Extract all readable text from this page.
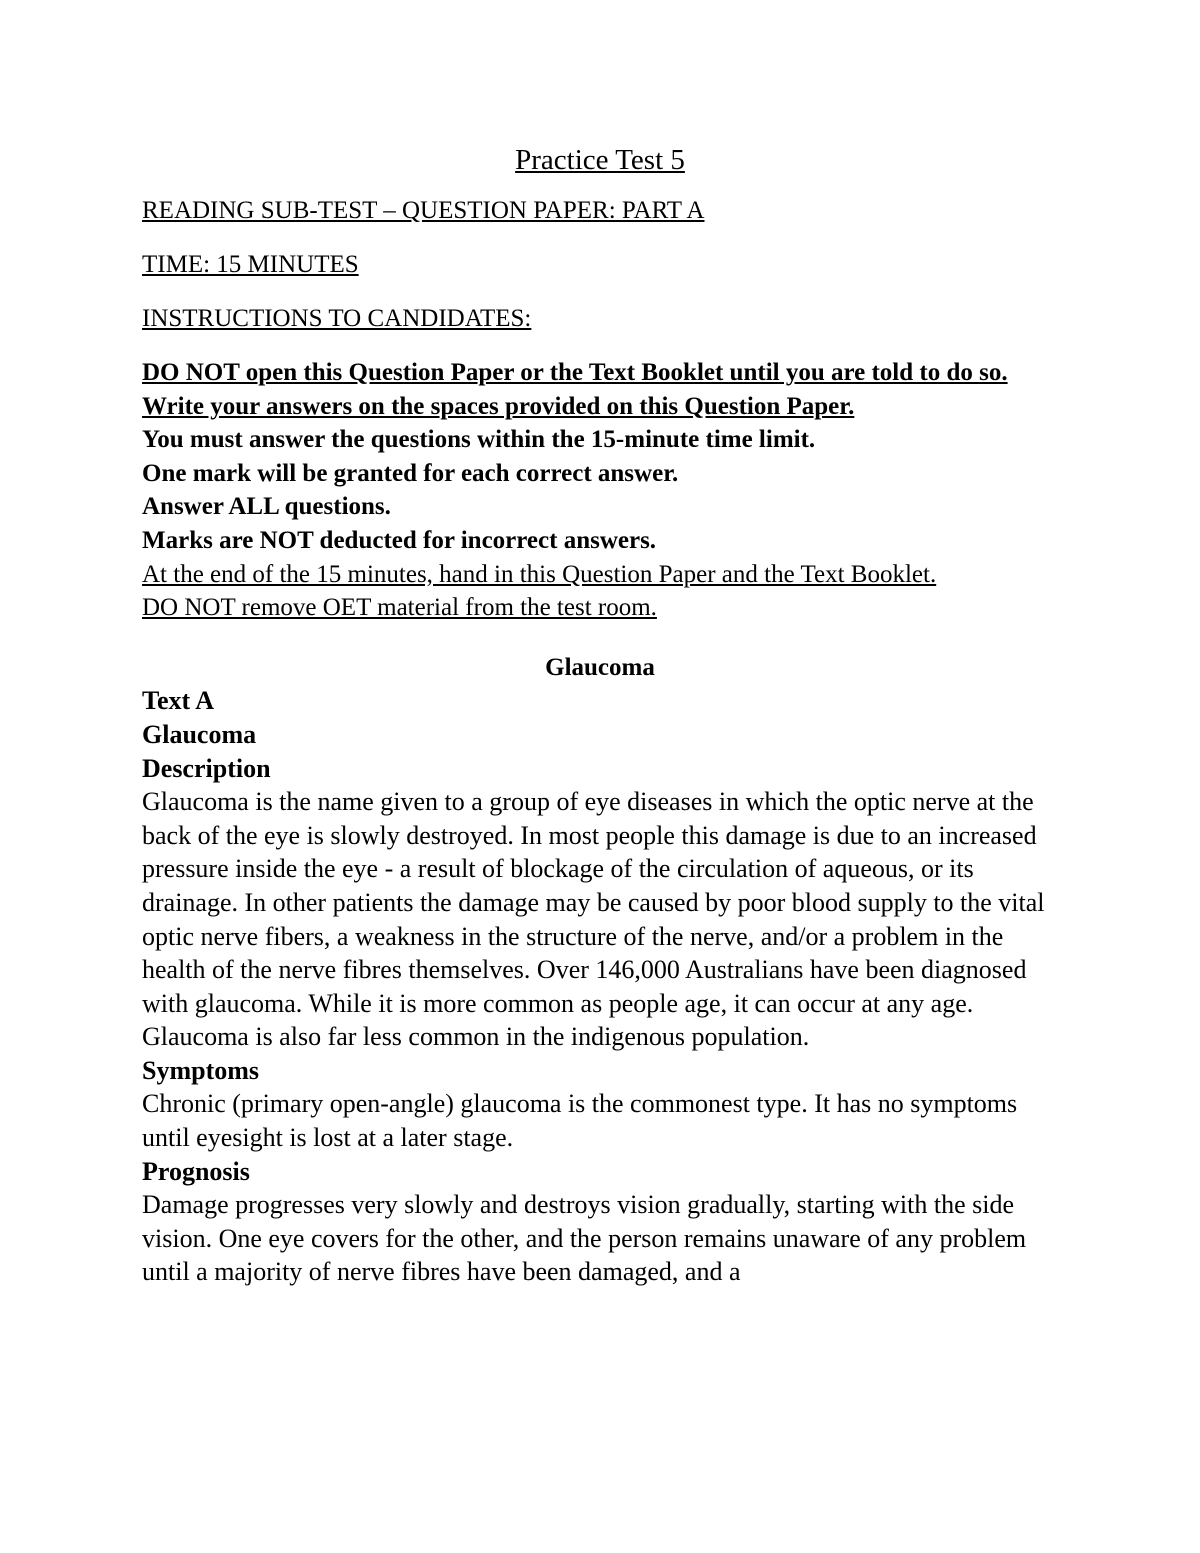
Practice Test 5

READING SUB-TEST – QUESTION PAPER: PART A

TIME: 15 MINUTES

INSTRUCTIONS TO CANDIDATES:

DO NOT open this Question Paper or the Text Booklet until you are told to do so.
Write your answers on the spaces provided on this Question Paper.
You must answer the questions within the 15-minute time limit.
One mark will be granted for each correct answer.
Answer ALL questions.
Marks are NOT deducted for incorrect answers.
At the end of the 15 minutes, hand in this Question Paper and the Text Booklet.
DO NOT remove OET material from the test room.

Glaucoma

Text A

Glaucoma

Description

Glaucoma is the name given to a group of eye diseases in which the optic nerve at the back of the eye is slowly destroyed. In most people this damage is due to an increased pressure inside the eye - a result of blockage of the circulation of aqueous, or its drainage. In other patients the damage may be caused by poor blood supply to the vital optic nerve fibers, a weakness in the structure of the nerve, and/or a problem in the health of the nerve fibres themselves. Over 146,000 Australians have been diagnosed with glaucoma. While it is more common as people age, it can occur at any age. Glaucoma is also far less common in the indigenous population.

Symptoms

Chronic (primary open-angle) glaucoma is the commonest type. It has no symptoms until eyesight is lost at a later stage.

Prognosis

Damage progresses very slowly and destroys vision gradually, starting with the side vision. One eye covers for the other, and the person remains unaware of any problem until a majority of nerve fibres have been damaged, and a
